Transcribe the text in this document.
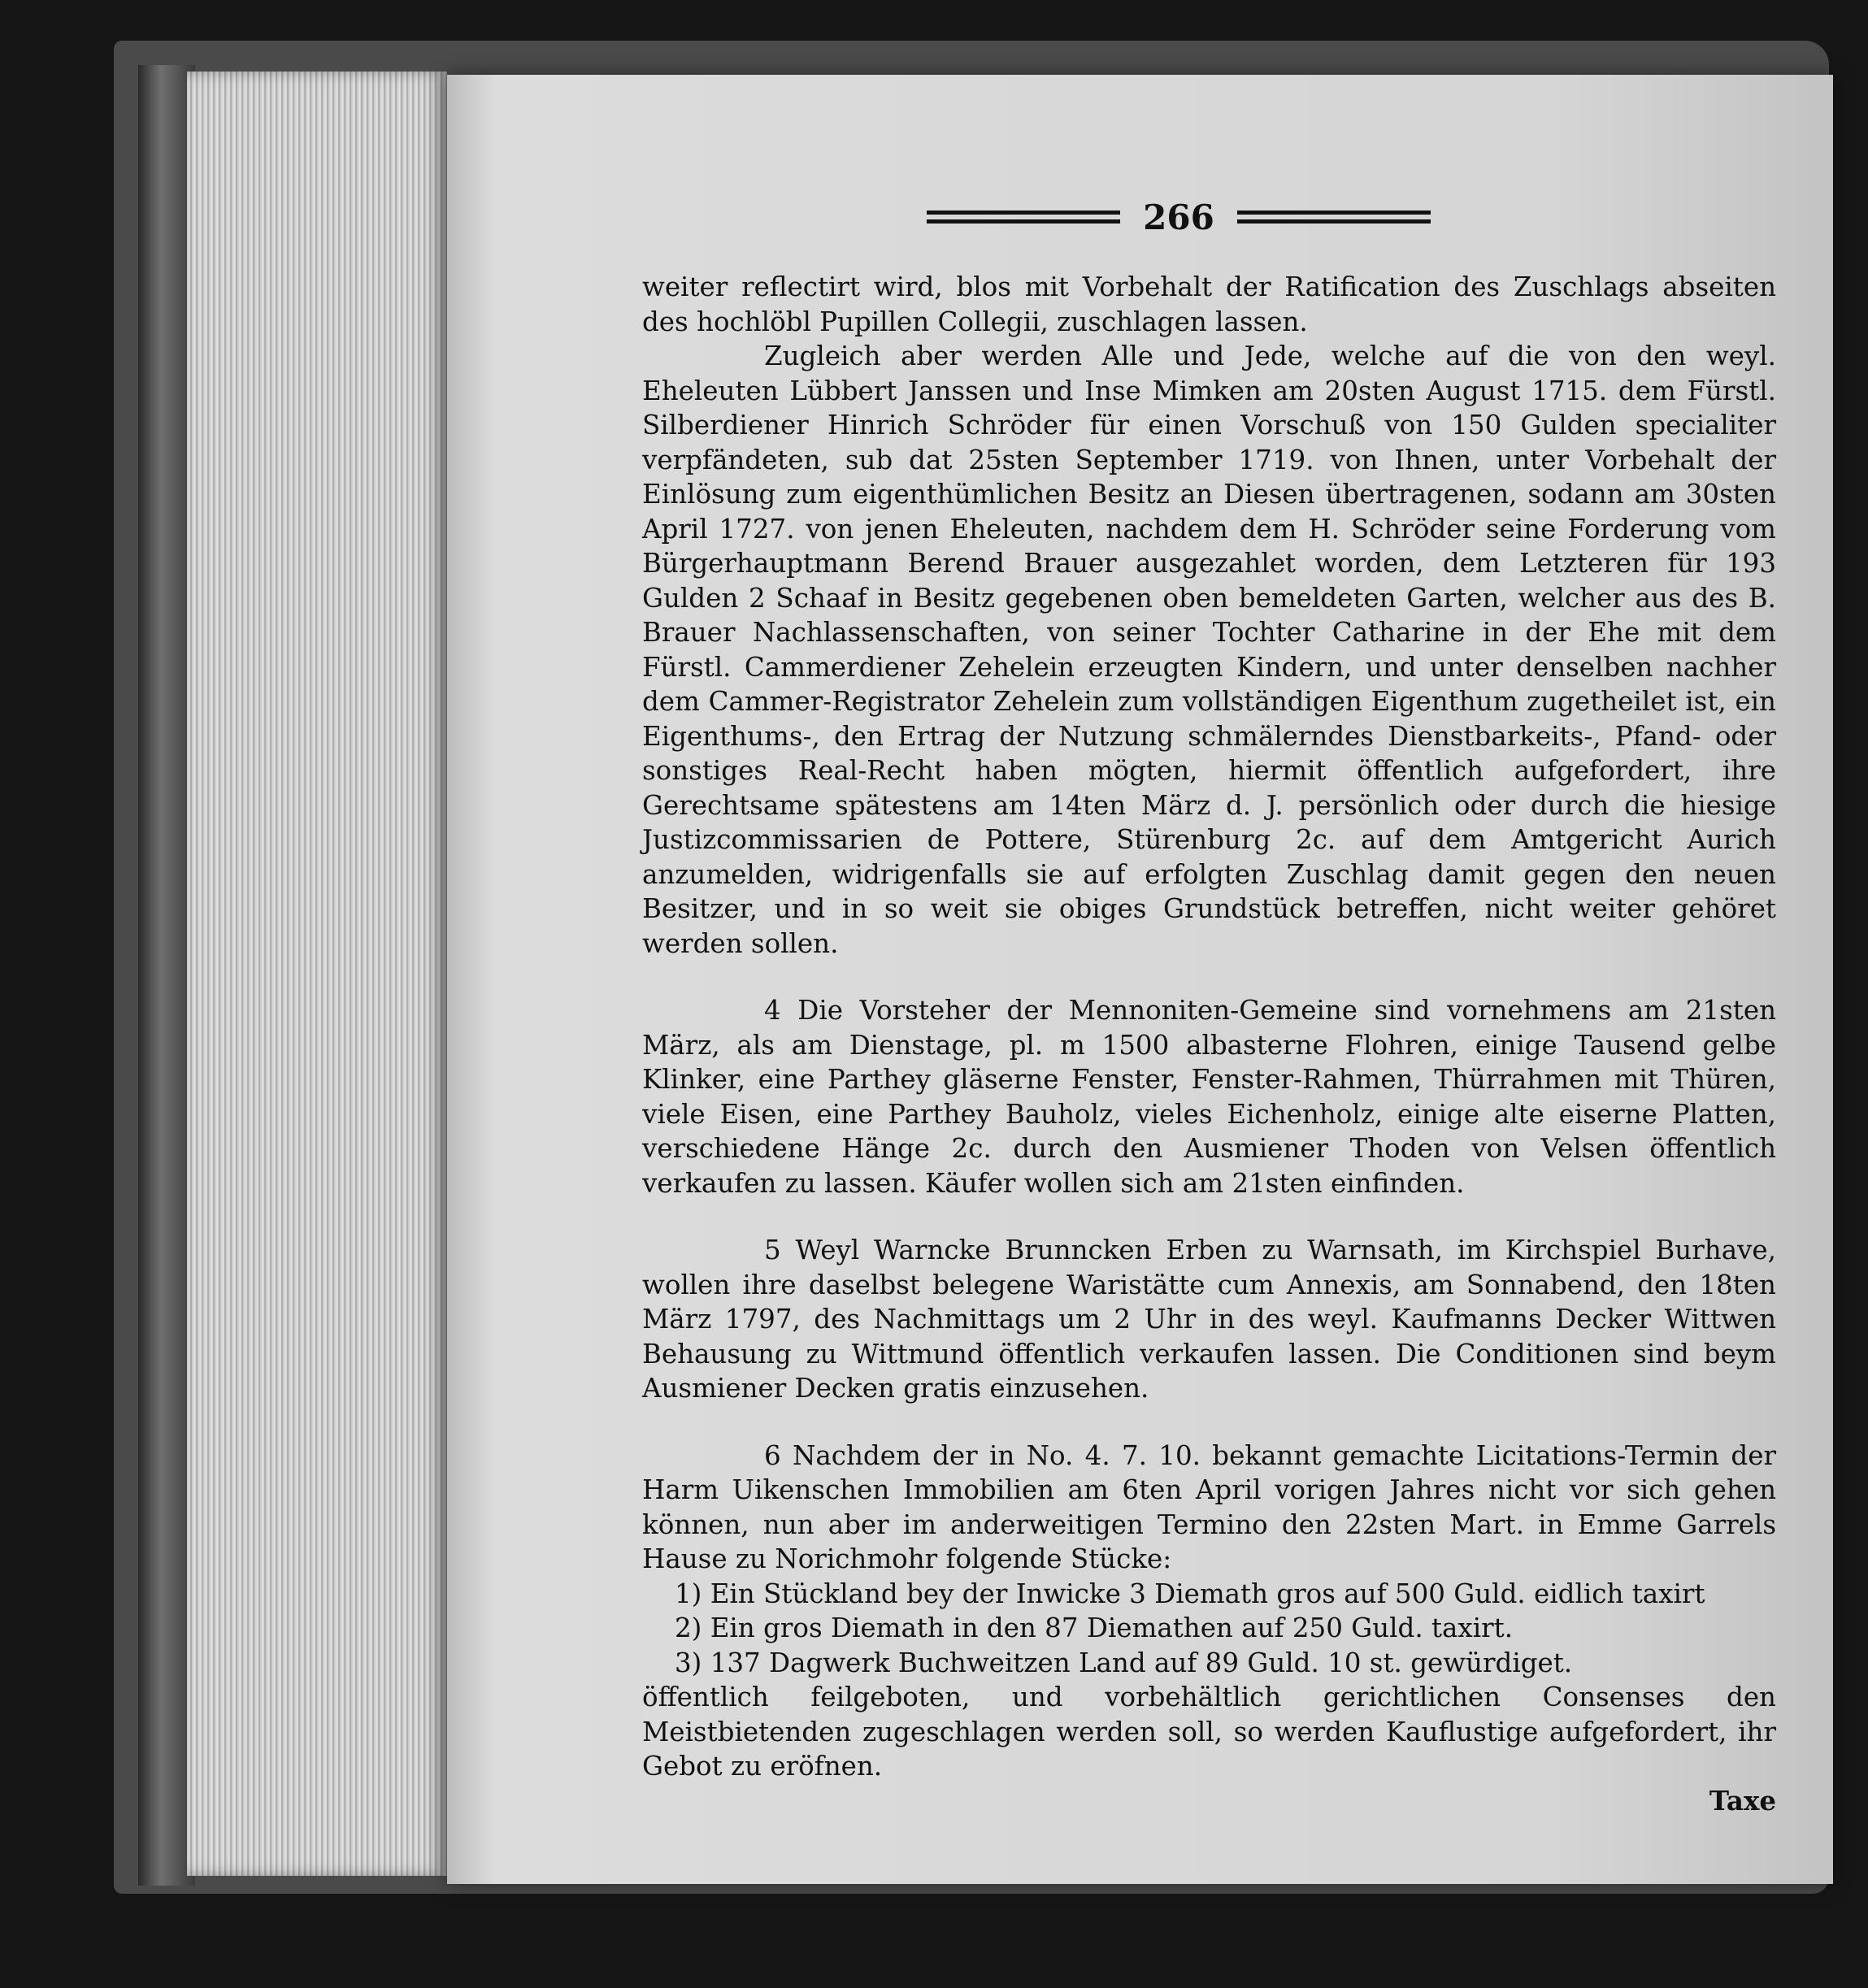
266

weiter reflectirt wird, blos mit Vorbehalt der Ratification des Zuschlags abseiten des hochlöbl Pupillen Collegii, zuschlagen lassen.

Zugleich aber werden Alle und Jede, welche auf die von den weyl. Eheleuten Lübbert Janssen und Inse Mimken am 20sten August 1715. dem Fürstl. Silberdiener Hinrich Schröder für einen Vorschuß von 150 Gulden specialiter verpfändeten, sub dat 25sten September 1719. von Ihnen, unter Vorbehalt der Einlösung zum eigenthümlichen Besitz an Diesen übertragenen, sodann am 30sten April 1727. von jenen Eheleuten, nachdem dem H. Schröder seine Forderung vom Bürgerhauptmann Berend Brauer ausgezahlet worden, dem Letzteren für 193 Gulden 2 Schaaf in Besitz gegebenen oben bemeldeten Garten, welcher aus des B. Brauer Nachlassenschaften, von seiner Tochter Catharine in der Ehe mit dem Fürstl. Cammerdiener Zehelein erzeugten Kindern, und unter denselben nachher dem Cammer-Registrator Zehelein zum vollständigen Eigenthum zugetheilet ist, ein Eigenthums-, den Ertrag der Nutzung schmälerndes Dienstbarkeits-, Pfand- oder sonstiges Real-Recht haben mögten, hiermit öffentlich aufgefordert, ihre Gerechtsame spätestens am 14ten März d. J. persönlich oder durch die hiesige Justizcommissarien de Pottere, Stürenburg 2c. auf dem Amtgericht Aurich anzumelden, widrigenfalls sie auf erfolgten Zuschlag damit gegen den neuen Besitzer, und in so weit sie obiges Grundstück betreffen, nicht weiter gehöret werden sollen.

4 Die Vorsteher der Mennoniten-Gemeine sind vornehmens am 21sten März, als am Dienstage, pl. m 1500 albasterne Flohren, einige Tausend gelbe Klinker, eine Parthey gläserne Fenster, Fenster-Rahmen, Thürrahmen mit Thüren, viele Eisen, eine Parthey Bauholz, vieles Eichenholz, einige alte eiserne Platten, verschiedene Hänge 2c. durch den Ausmiener Thoden von Velsen öffentlich verkaufen zu lassen. Käufer wollen sich am 21sten einfinden.

5 Weyl Warncke Brunncken Erben zu Warnsath, im Kirchspiel Burhave, wollen ihre daselbst belegene Waristätte cum Annexis, am Sonnabend, den 18ten März 1797, des Nachmittags um 2 Uhr in des weyl. Kaufmanns Decker Wittwen Behausung zu Wittmund öffentlich verkaufen lassen. Die Conditionen sind beym Ausmiener Decken gratis einzusehen.

6 Nachdem der in No. 4. 7. 10. bekannt gemachte Licitations-Termin der Harm Uikenschen Immobilien am 6ten April vorigen Jahres nicht vor sich gehen können, nun aber im anderweitigen Termino den 22sten Mart. in Emme Garrels Hause zu Norichmohr folgende Stücke:

1) Ein Stückland bey der Inwicke 3 Diemath gros auf 500 Guld. eidlich taxirt

2) Ein gros Diemath in den 87 Diemathen auf 250 Guld. taxirt.

3) 137 Dagwerk Buchweitzen Land auf 89 Guld. 10 st. gewürdiget.

öffentlich feilgeboten, und vorbehältlich gerichtlichen Consenses den Meistbietenden zugeschlagen werden soll, so werden Kauflustige aufgefordert, ihr Gebot zu eröfnen.

Taxe
